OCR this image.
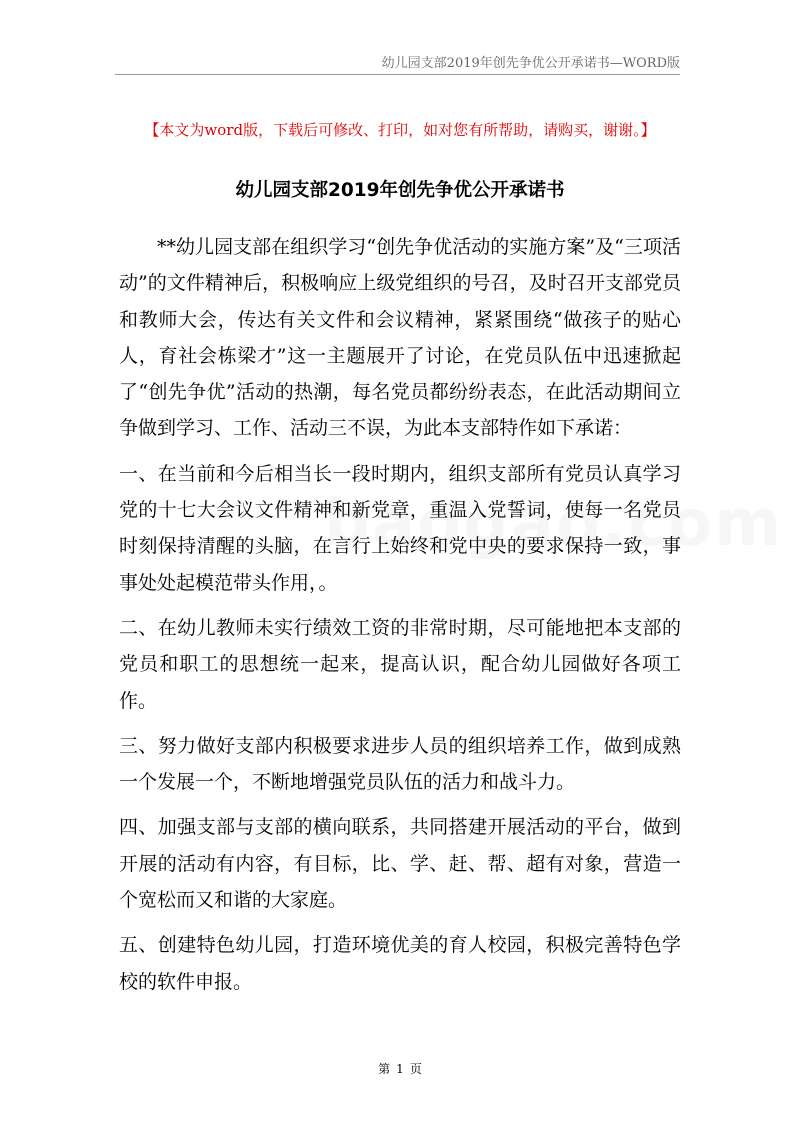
幼儿园支部2019年创先争优公开承诺书—WORD版
【本文为word版，下载后可修改、打印，如对您有所帮助，请购买，谢谢。】
幼儿园支部2019年创先争优公开承诺书

**幼儿园支部在组织学习“创先争优活动的实施方案”及“三项活动”的文件精神后，积极响应上级党组织的号召，及时召开支部党员和教师大会，传达有关文件和会议精神，紧紧围绕“做孩子的贴心人，育社会栋梁才”这一主题展开了讨论，在党员队伍中迅速掀起了“创先争优”活动的热潮，每名党员都纷纷表态，在此活动期间立争做到学习、工作、活动三不误，为此本支部特作如下承诺：

一、在当前和今后相当长一段时期内，组织支部所有党员认真学习党的十七大会议文件精神和新党章，重温入党誓词，使每一名党员时刻保持清醒的头脑，在言行上始终和党中央的要求保持一致，事事处处起模范带头作用，。

二、在幼儿教师未实行绩效工资的非常时期，尽可能地把本支部的党员和职工的思想统一起来，提高认识，配合幼儿园做好各项工作。

三、努力做好支部内积极要求进步人员的组织培养工作，做到成熟一个发展一个，不断地增强党员队伍的活力和战斗力。

四、加强支部与支部的横向联系，共同搭建开展活动的平台，做到开展的活动有内容，有目标，比、学、赶、帮、超有对象，营造一个宽松而又和谐的大家庭。

五、创建特色幼儿园，打造环境优美的育人校园，积极完善特色学校的软件申报。

第 1 页
